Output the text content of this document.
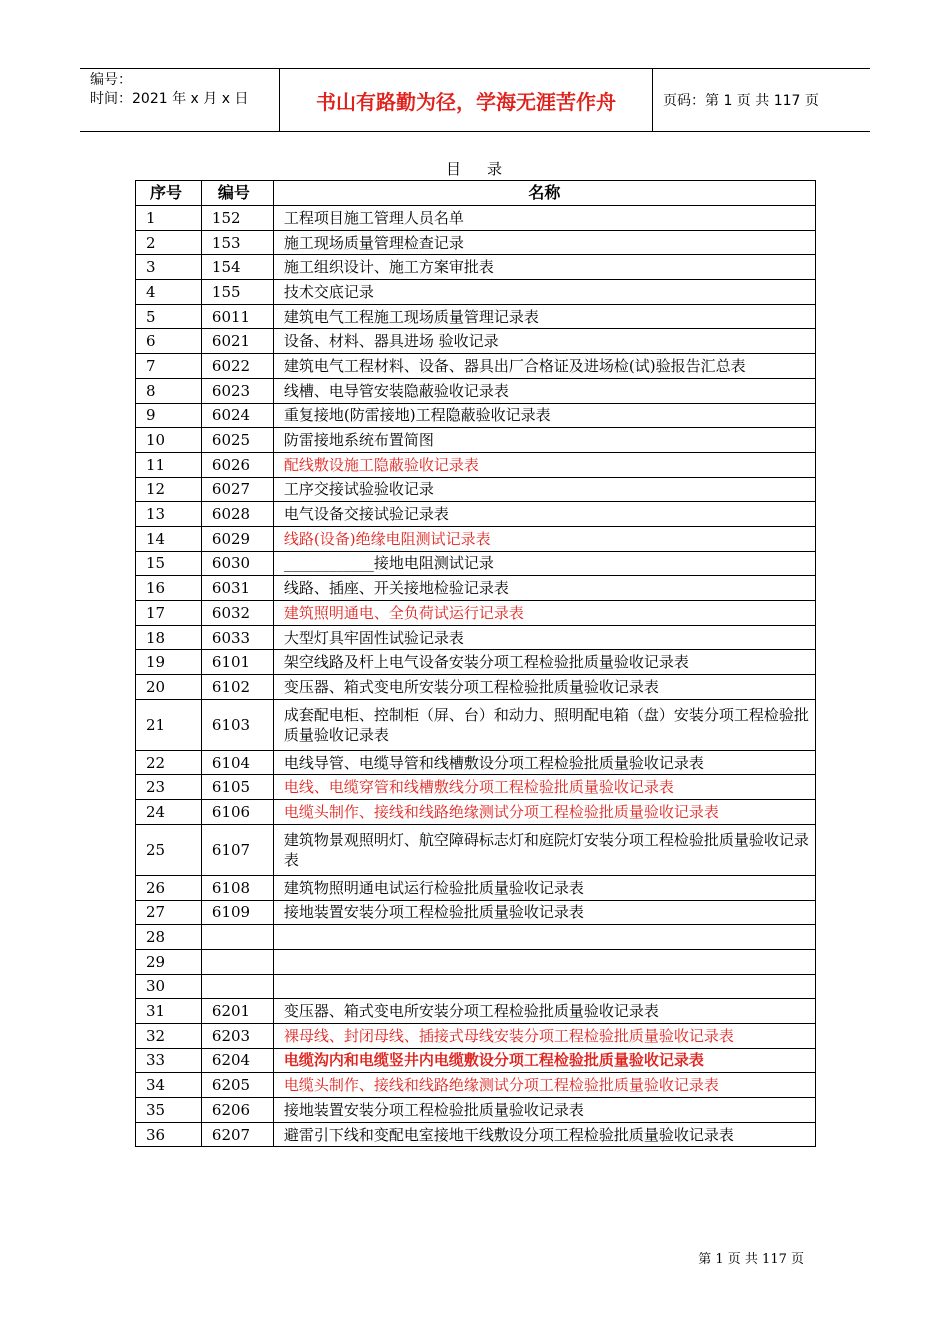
编号：
时间：2021 年 x 月 x 日	书山有路勤为径，学海无涯苦作舟	页码：第 1 页 共 117 页
目 录
序号	编号	名称
1	152	工程项目施工管理人员名单
2	153	施工现场质量管理检查记录
3	154	施工组织设计、施工方案审批表
4	155	技术交底记录
5	6011	建筑电气工程施工现场质量管理记录表
6	6021	设备、材料、器具进场 验收记录
7	6022	建筑电气工程材料、设备、器具出厂合格证及进场检(试)验报告汇总表
8	6023	线槽、电导管安装隐蔽验收记录表
9	6024	重复接地(防雷接地)工程隐蔽验收记录表
10	6025	防雷接地系统布置简图
11	6026	配线敷设施工隐蔽验收记录表
12	6027	工序交接试验验收记录
13	6028	电气设备交接试验记录表
14	6029	线路(设备)绝缘电阻测试记录表
15	6030	____________接地电阻测试记录
16	6031	线路、插座、开关接地检验记录表
17	6032	建筑照明通电、全负荷试运行记录表
18	6033	大型灯具牢固性试验记录表
19	6101	架空线路及杆上电气设备安装分项工程检验批质量验收记录表
20	6102	变压器、箱式变电所安装分项工程检验批质量验收记录表
21	6103	成套配电柜、控制柜（屏、台）和动力、照明配电箱（盘）安装分项工程检验批质量验收记录表
22	6104	电线导管、电缆导管和线槽敷设分项工程检验批质量验收记录表
23	6105	电线、电缆穿管和线槽敷线分项工程检验批质量验收记录表
24	6106	电缆头制作、接线和线路绝缘测试分项工程检验批质量验收记录表
25	6107	建筑物景观照明灯、航空障碍标志灯和庭院灯安装分项工程检验批质量验收记录表
26	6108	建筑物照明通电试运行检验批质量验收记录表
27	6109	接地装置安装分项工程检验批质量验收记录表
28		
29		
30		
31	6201	变压器、箱式变电所安装分项工程检验批质量验收记录表
32	6203	裸母线、封闭母线、插接式母线安装分项工程检验批质量验收记录表
33	6204	电缆沟内和电缆竖井内电缆敷设分项工程检验批质量验收记录表
34	6205	电缆头制作、接线和线路绝缘测试分项工程检验批质量验收记录表
35	6206	接地装置安装分项工程检验批质量验收记录表
36	6207	避雷引下线和变配电室接地干线敷设分项工程检验批质量验收记录表
第 1 页 共 117 页
